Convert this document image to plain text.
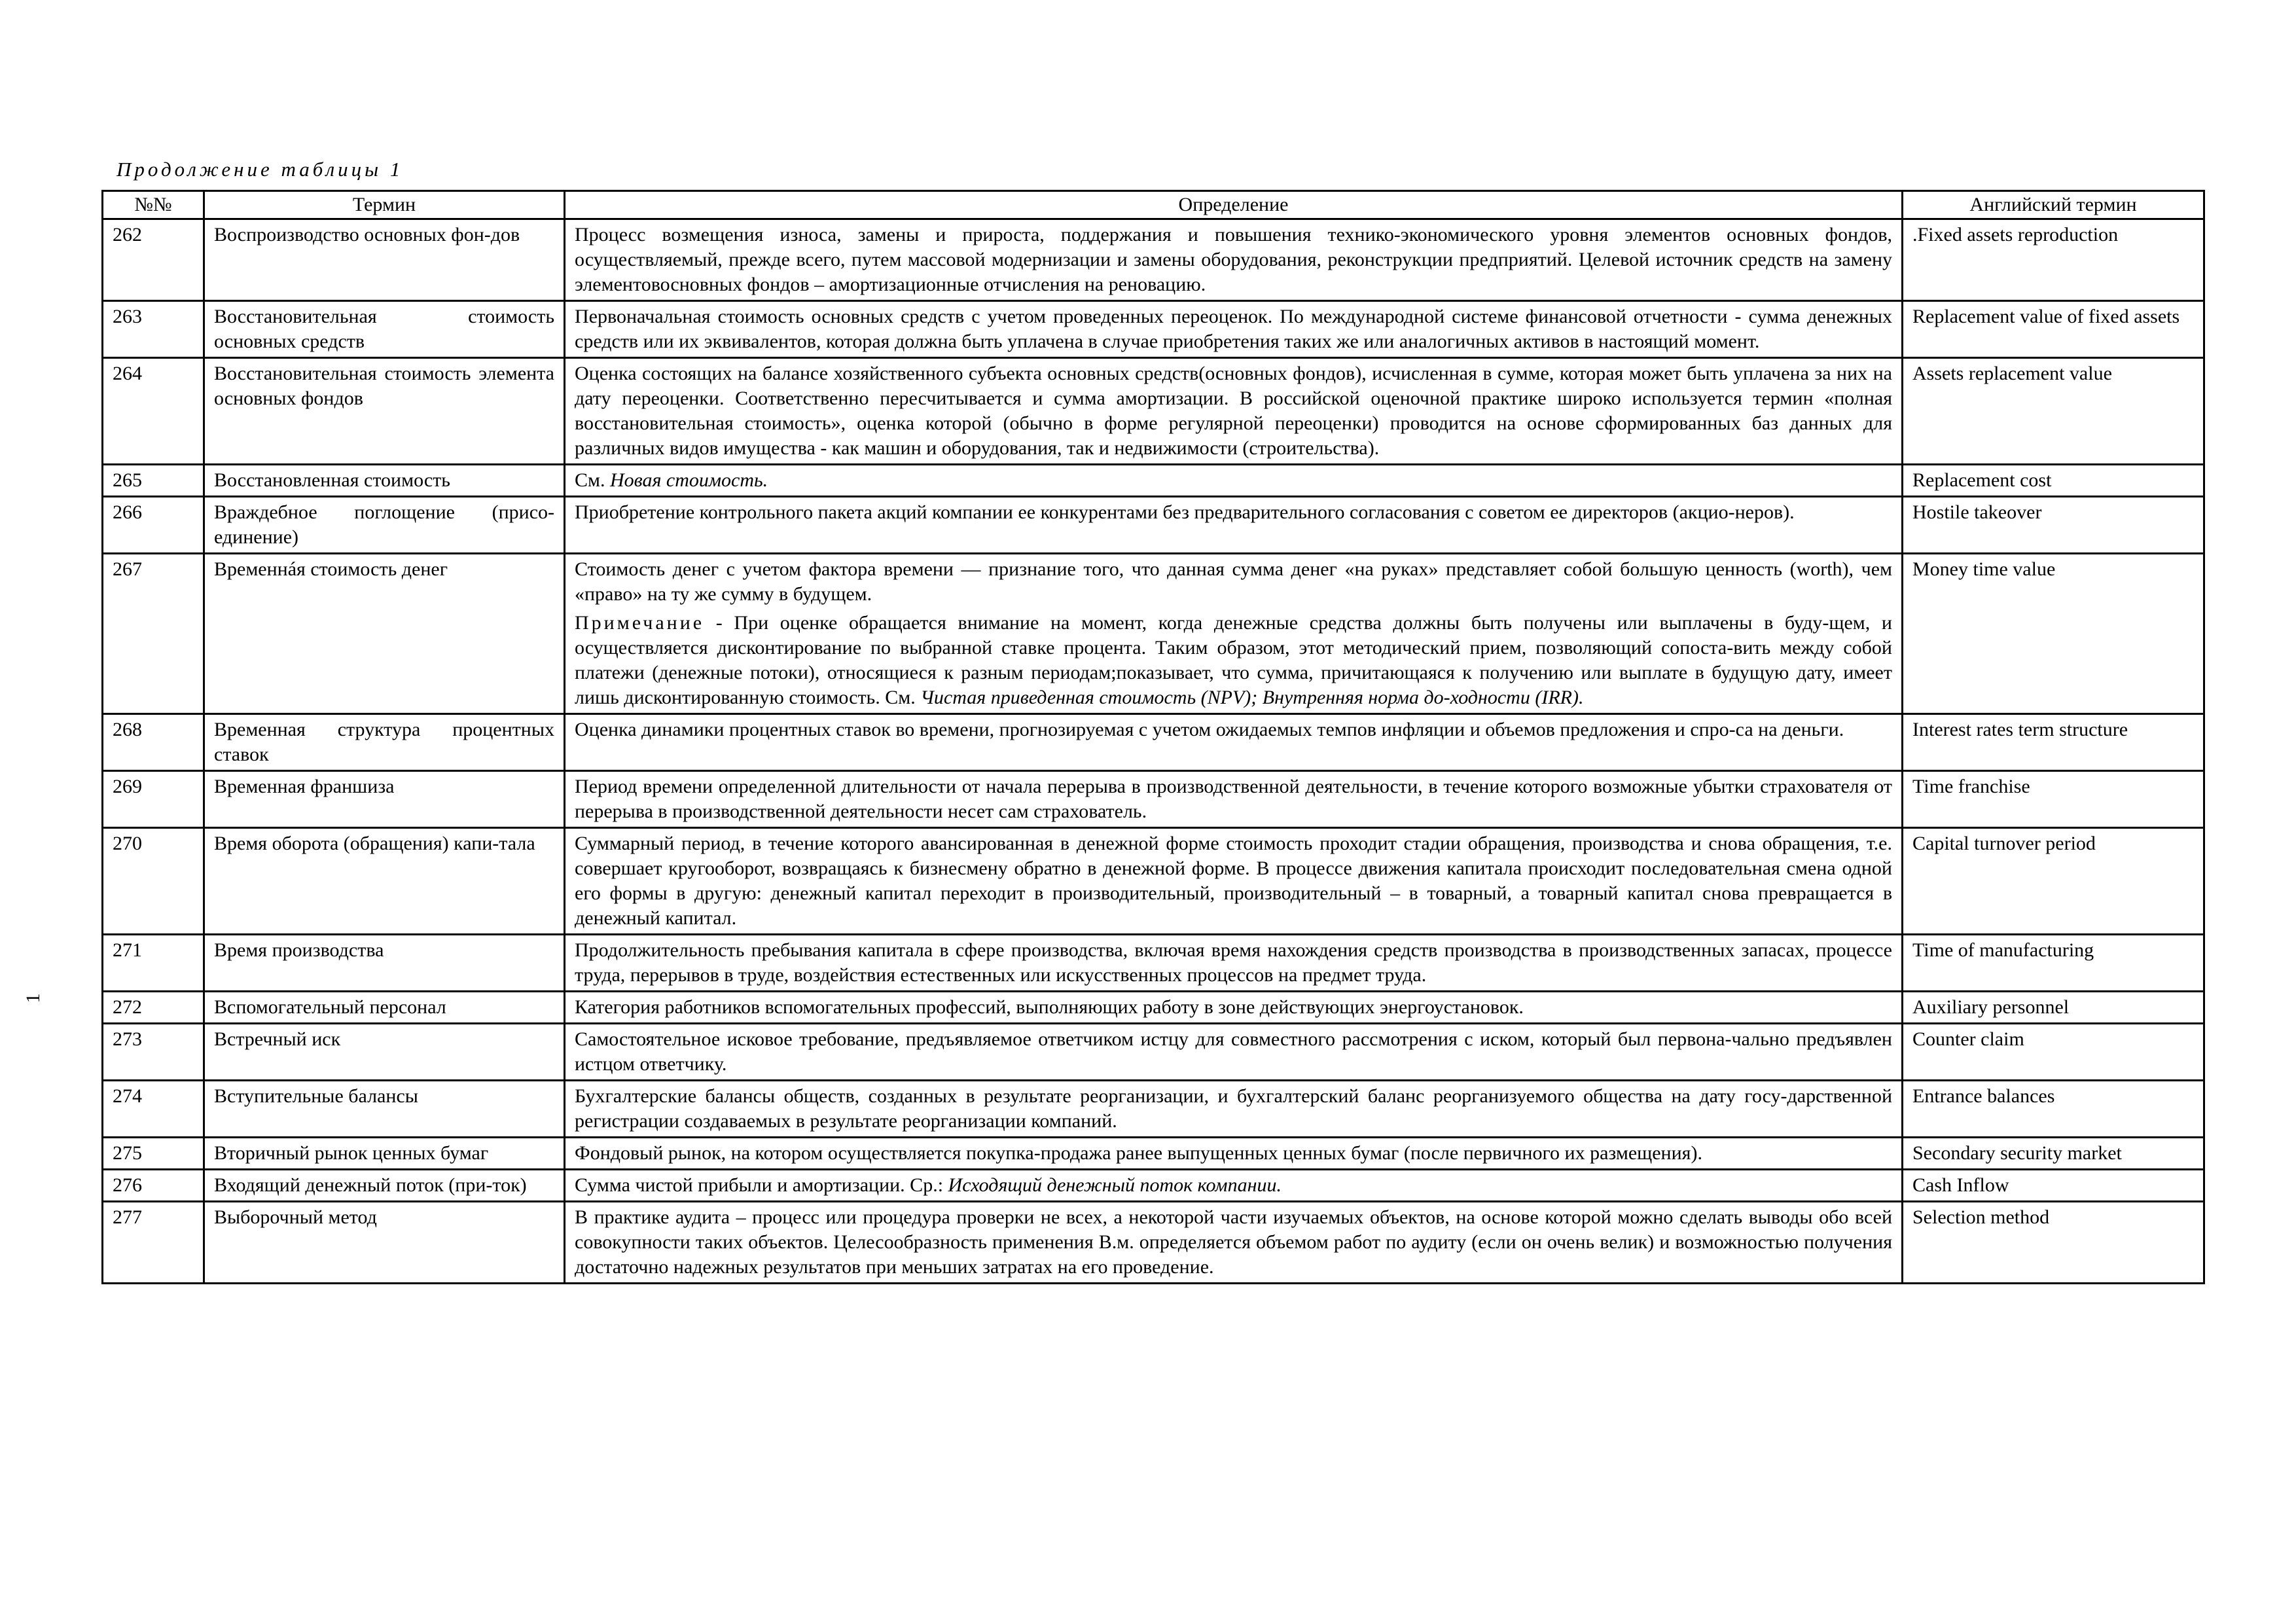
Продолжение таблицы 1
1
№№	Термин	Определение	Английский термин
262	Воспроизводство основных фон-дов	Процесс возмещения износа, замены и прироста, поддержания и повышения технико-экономического уровня элементов основных фондов, осуществляемый, прежде всего, путем массовой модернизации и замены оборудования, реконструкции предприятий. Целевой источник средств на замену элементовосновных фондов – амортизационные отчисления на реновацию.	.Fixed assets reproduction
263	Восстановительная стоимость основных средств	Первоначальная стоимость основных средств с учетом проведенных переоценок. По международной системе финансовой отчетности - сумма денежных средств или их эквивалентов, которая должна быть уплачена в случае приобретения таких же или аналогичных активов в настоящий момент.	Replacement value of fixed assets
264	Восстановительная стоимость элемента основных фондов	Оценка состоящих на балансе хозяйственного субъекта основных средств(основных фондов), исчисленная в сумме, которая может быть уплачена за них на дату переоценки. Соответственно пересчитывается и сумма амортизации. В российской оценочной практике широко используется термин «полная восстановительная стоимость», оценка которой (обычно в форме регулярной переоценки) проводится на основе сформированных баз данных для различных видов имущества - как машин и оборудования, так и недвижимости (строительства).	Assets replacement value
265	Восстановленная стоимость	См. Новая стоимость.	Replacement cost
266	Враждебное поглощение (присо-единение)	Приобретение контрольного пакета акций компании ее конкурентами без предварительного согласования с советом ее директоров (акцио-неров).	Hostile takeover
267	Временнáя стоимость денег	Стоимость денег с учетом фактора времени — признание того, что данная сумма денег «на руках» представляет собой большую ценность (worth), чем «право» на ту же сумму в будущем.
Примечание - При оценке обращается внимание на момент, когда денежные средства должны быть получены или выплачены в буду-щем, и осуществляется дисконтирование по выбранной ставке процента. Таким образом, этот методический прием, позволяющий сопоста-вить между собой платежи (денежные потоки), относящиеся к разным периодам;показывает, что сумма, причитающаяся к получению или выплате в будущую дату, имеет лишь дисконтированную стоимость. См. Чистая приведенная стоимость (NPV); Внутренняя норма до-ходности (IRR).	Money time value
268	Временная структура процентных ставок	Оценка динамики процентных ставок во времени, прогнозируемая с учетом ожидаемых темпов инфляции и объемов предложения и спро-са на деньги.	Interest rates term structure
269	Временная франшиза	Период времени определенной длительности от начала перерыва в производственной деятельности, в течение которого возможные убытки страхователя от перерыва в производственной деятельности несет сам страхователь.	Time franchise
270	Время оборота (обращения) капи-тала	Суммарный период, в течение которого авансированная в денежной форме стоимость проходит стадии обращения, производства и снова обращения, т.е. совершает кругооборот, возвращаясь к бизнесмену обратно в денежной форме. В процессе движения капитала происходит последовательная смена одной его формы в другую: денежный капитал переходит в производительный, производительный – в товарный, а товарный капитал снова превращается в денежный капитал.	Capital turnover period
271	Время производства	Продолжительность пребывания капитала в сфере производства, включая время нахождения средств производства в производственных запасах, процессе труда, перерывов в труде, воздействия естественных или искусственных процессов на предмет труда.	Time of manufacturing
272	Вспомогательный персонал	Категория работников вспомогательных профессий, выполняющих работу в зоне действующих энергоустановок.	Auxiliary personnel
273	Встречный иск	Самостоятельное исковое требование, предъявляемое ответчиком истцу для совместного рассмотрения с иском, который был первона-чально предъявлен истцом ответчику.	Counter claim
274	Вступительные балансы	Бухгалтерские балансы обществ, созданных в результате реорганизации, и бухгалтерский баланс реорганизуемого общества на дату госу-дарственной регистрации создаваемых в результате реорганизации компаний.	Entrance balances
275	Вторичный рынок ценных бумаг	Фондовый рынок, на котором осуществляется покупка-продажа ранее выпущенных ценных бумаг (после первичного их размещения).	Secondary security market
276	Входящий денежный поток (при-ток)	Сумма чистой прибыли и амортизации. Ср.: Исходящий денежный поток компании.	Cash Inflow
277	Выборочный метод	В практике аудита – процесс или процедура проверки не всех, а некоторой части изучаемых объектов, на основе которой можно сделать выводы обо всей совокупности таких объектов. Целесообразность применения В.м. определяется объемом работ по аудиту (если он очень велик) и возможностью получения достаточно надежных результатов при меньших затратах на его проведение.	Selection method
